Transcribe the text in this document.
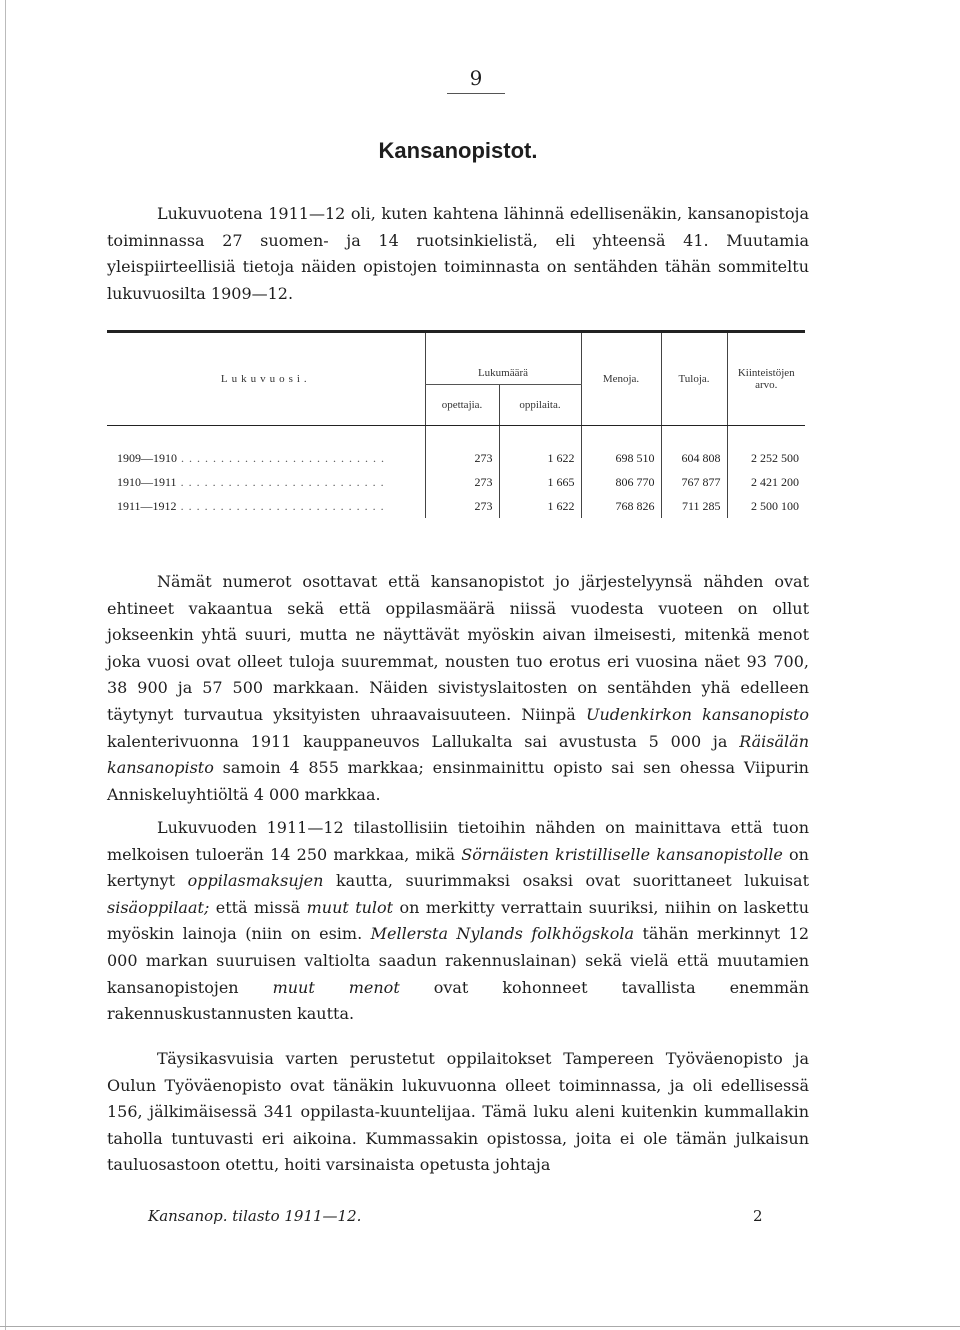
9
Kansanopistot.

Lukuvuotena 1911—12 oli, kuten kahtena lähinnä edellisenäkin, kansanopistoja toiminnassa 27 suomen- ja 14 ruotsinkielistä, eli yhteensä 41. Muutamia yleispiirteellisiä tietoja näiden opistojen toiminnasta on sentähden tähän sommiteltu lukuvuosilta 1909—12.

Lukuvuosi.	Lukumäärä		Menoja.	Tuloja.	Kiinteistöjen arvo.
	opettajia.	oppilaita.			

1909—1910 . . . . . . . . . . . . . . . . . . . . . . . . . .	273	1 622	698 510	604 808	2 252 500
1910—1911 . . . . . . . . . . . . . . . . . . . . . . . . . .	273	1 665	806 770	767 877	2 421 200
1911—1912 . . . . . . . . . . . . . . . . . . . . . . . . . .	273	1 622	768 826	711 285	2 500 100

Nämät numerot osottavat että kansanopistot jo järjestelyynsä nähden ovat ehtineet vakaantua sekä että oppilasmäärä niissä vuodesta vuoteen on ollut jokseenkin yhtä suuri, mutta ne näyttävät myöskin aivan ilmeisesti, mitenkä menot joka vuosi ovat olleet tuloja suuremmat, nousten tuo erotus eri vuosina näet 93 700, 38 900 ja 57 500 markkaan. Näiden sivistyslaitosten on sentähden yhä edelleen täytynyt turvautua yksityisten uhraavaisuuteen. Niinpä Uudenkirkon kansanopisto kalenterivuonna 1911 kauppaneuvos Lallukalta sai avustusta 5 000 ja Räisälän kansanopisto samoin 4 855 markkaa; ensinmainittu opisto sai sen ohessa Viipurin Anniskeluyhtiöltä 4 000 markkaa.

Lukuvuoden 1911—12 tilastollisiin tietoihin nähden on mainittava että tuon melkoisen tuloerän 14 250 markkaa, mikä Sörnäisten kristilliselle kansanopistolle on kertynyt oppilasmaksujen kautta, suurimmaksi osaksi ovat suorittaneet lukuisat sisäoppilaat; että missä muut tulot on merkitty verrattain suuriksi, niihin on laskettu myöskin lainoja (niin on esim. Mellersta Nylands folkhögskola tähän merkinnyt 12 000 markan suuruisen valtiolta saadun rakennuslainan) sekä vielä että muutamien kansanopistojen muut menot ovat kohonneet tavallista enemmän rakennuskustannusten kautta.

Täysikasvuisia varten perustetut oppilaitokset Tampereen Työväenopisto ja Oulun Työväenopisto ovat tänäkin lukuvuonna olleet toiminnassa, ja oli edellisessä 156, jälkimäisessä 341 oppilasta-kuuntelijaa. Tämä luku aleni kuitenkin kummallakin taholla tuntuvasti eri aikoina. Kummassakin opistossa, joita ei ole tämän julkaisun tauluosastoon otettu, hoiti varsinaista opetusta johtaja

Kansanop. tilasto 1911—12.	2
